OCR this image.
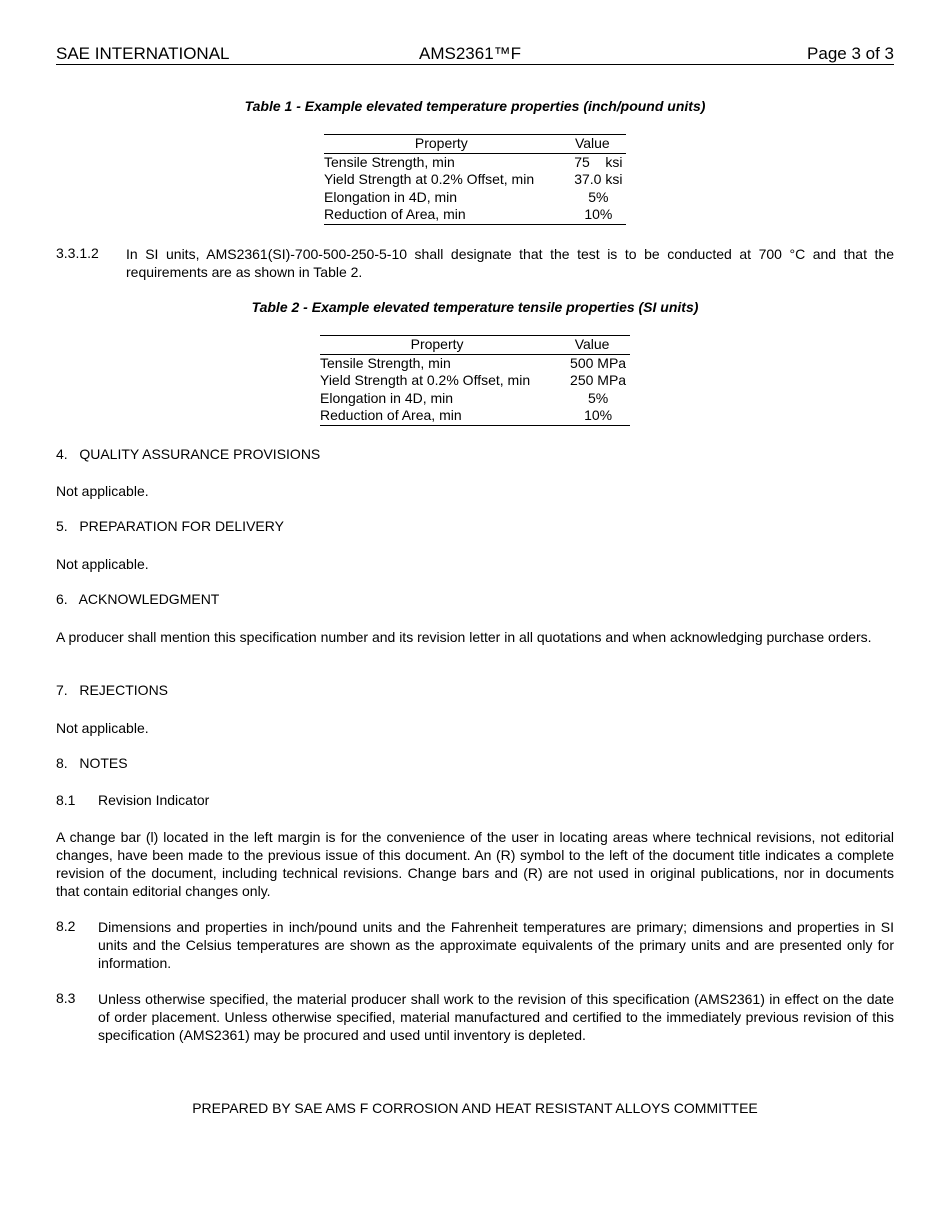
SAE INTERNATIONAL	AMS2361™F	Page 3 of 3
Table 1 - Example elevated temperature properties (inch/pound units)
Property	Value
Tensile Strength, min	75    ksi
Yield Strength at 0.2% Offset, min	37.0 ksi
Elongation in 4D, min	5%
Reduction of Area, min	10%
3.3.1.2 In SI units, AMS2361(SI)-700-500-250-5-10 shall designate that the test is to be conducted at 700 °C and that the requirements are as shown in Table 2.
Table 2 - Example elevated temperature tensile properties (SI units)
Property	Value
Tensile Strength, min	500 MPa
Yield Strength at 0.2% Offset, min	250 MPa
Elongation in 4D, min	5%
Reduction of Area, min	10%
4.   QUALITY ASSURANCE PROVISIONS
Not applicable.
5.   PREPARATION FOR DELIVERY
Not applicable.
6.   ACKNOWLEDGMENT
A producer shall mention this specification number and its revision letter in all quotations and when acknowledging purchase orders.
7.   REJECTIONS
Not applicable.
8.   NOTES
8.1 Revision Indicator
A change bar (l) located in the left margin is for the convenience of the user in locating areas where technical revisions, not editorial changes, have been made to the previous issue of this document. An (R) symbol to the left of the document title indicates a complete revision of the document, including technical revisions. Change bars and (R) are not used in original publications, nor in documents that contain editorial changes only.
8.2 Dimensions and properties in inch/pound units and the Fahrenheit temperatures are primary; dimensions and properties in SI units and the Celsius temperatures are shown as the approximate equivalents of the primary units and are presented only for information.
8.3 Unless otherwise specified, the material producer shall work to the revision of this specification (AMS2361) in effect on the date of order placement. Unless otherwise specified, material manufactured and certified to the immediately previous revision of this specification (AMS2361) may be procured and used until inventory is depleted.
PREPARED BY SAE AMS F CORROSION AND HEAT RESISTANT ALLOYS COMMITTEE
